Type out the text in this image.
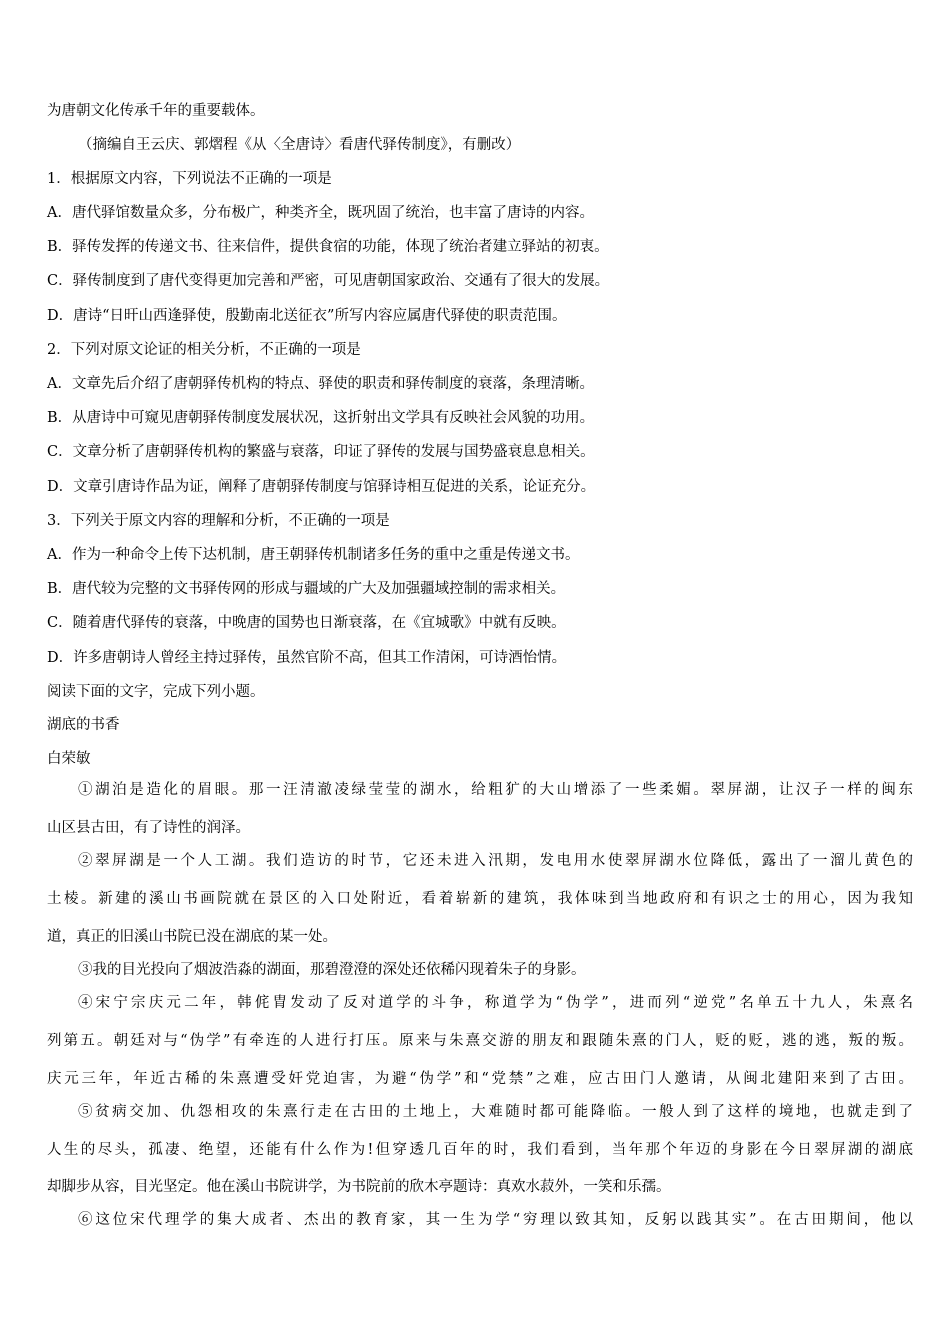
为唐朝文化传承千年的重要载体。
（摘编自王云庆、郭熠程《从〈全唐诗〉看唐代驿传制度》，有删改）
1．根据原文内容，下列说法不正确的一项是
A．唐代驿馆数量众多，分布极广，种类齐全，既巩固了统治，也丰富了唐诗的内容。
B．驿传发挥的传递文书、往来信件，提供食宿的功能，体现了统治者建立驿站的初衷。
C．驿传制度到了唐代变得更加完善和严密，可见唐朝国家政治、交通有了很大的发展。
D．唐诗“日旰山西逢驿使，殷勤南北送征衣”所写内容应属唐代驿使的职责范围。
2．下列对原文论证的相关分析，不正确的一项是
A．文章先后介绍了唐朝驿传机构的特点、驿使的职责和驿传制度的衰落，条理清晰。
B．从唐诗中可窥见唐朝驿传制度发展状况，这折射出文学具有反映社会风貌的功用。
C．文章分析了唐朝驿传机构的繁盛与衰落，印证了驿传的发展与国势盛衰息息相关。
D．文章引唐诗作品为证，阐释了唐朝驿传制度与馆驿诗相互促进的关系，论证充分。
3．下列关于原文内容的理解和分析，不正确的一项是
A．作为一种命令上传下达机制，唐王朝驿传机制诸多任务的重中之重是传递文书。
B．唐代较为完整的文书驿传网的形成与疆域的广大及加强疆域控制的需求相关。
C．随着唐代驿传的衰落，中晚唐的国势也日渐衰落，在《宜城歌》中就有反映。
D．许多唐朝诗人曾经主持过驿传，虽然官阶不高，但其工作清闲，可诗酒怡情。
阅读下面的文字，完成下列小题。
湖底的书香
白荣敏
①湖泊是造化的眉眼。那一汪清澈凌绿莹莹的湖水，给粗犷的大山增添了一些柔媚。翠屏湖，让汉子一样的闽东
山区县古田，有了诗性的润泽。
②翠屏湖是一个人工湖。我们造访的时节，它还未进入汛期，发电用水使翠屏湖水位降低，露出了一溜儿黄色的
土棱。新建的溪山书画院就在景区的入口处附近，看着崭新的建筑，我体味到当地政府和有识之士的用心，因为我知
道，真正的旧溪山书院已没在湖底的某一处。
③我的目光投向了烟波浩淼的湖面，那碧澄澄的深处还依稀闪现着朱子的身影。
④宋宁宗庆元二年，韩侂胄发动了反对道学的斗争，称道学为“伪学”，进而列“逆党”名单五十九人，朱熹名
列第五。朝廷对与“伪学”有牵连的人进行打压。原来与朱熹交游的朋友和跟随朱熹的门人，贬的贬，逃的逃，叛的叛。
庆元三年，年近古稀的朱熹遭受奸党迫害，为避“伪学”和“党禁”之难，应古田门人邀请，从闽北建阳来到了古田。
⑤贫病交加、仇怨相攻的朱熹行走在古田的土地上，大难随时都可能降临。一般人到了这样的境地，也就走到了
人生的尽头，孤凄、绝望，还能有什么作为!但穿透几百年的时，我们看到，当年那个年迈的身影在今日翠屏湖的湖底
却脚步从容，目光坚定。他在溪山书院讲学，为书院前的欣木亭题诗：真欢水菽外，一笑和乐孺。
⑥这位宋代理学的集大成者、杰出的教育家，其一生为学“穷理以致其知，反躬以践其实”。在古田期间，他以
